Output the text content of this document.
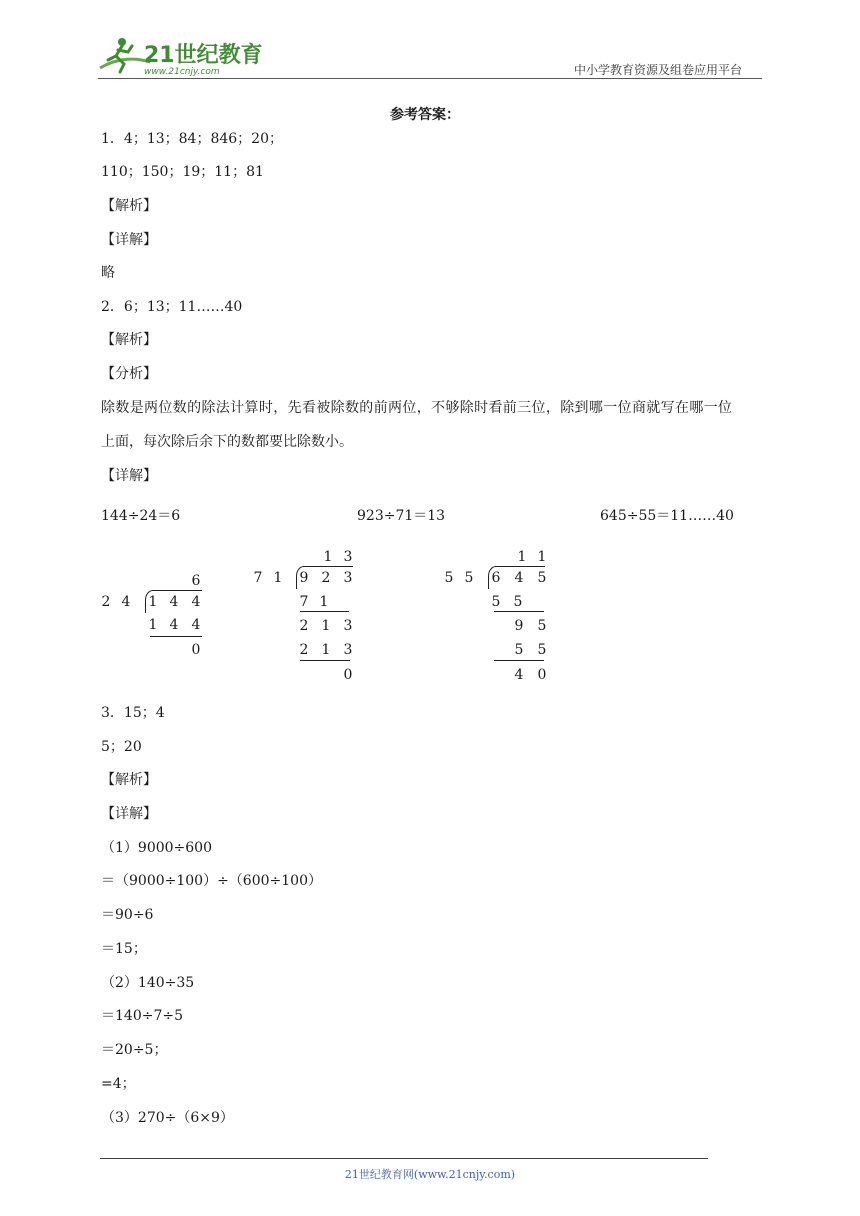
21世纪教育
www.21cnjy.com	中小学教育资源及组卷应用平台
参考答案：
1．4；13；84；846；20；
110；150；19；11；81
【解析】
【详解】
略
2．6；13；11……40
【解析】
【分析】
除数是两位数的除法计算时，先看被除数的前两位，不够除时看前三位，除到哪一位商就写在哪一位
上面，每次除后余下的数都要比除数小。
【详解】
144÷24＝6	923÷71＝13	645÷55＝11……40
6
2 4 1 4 4
1 4 4
0
1 3
7 1 9 2 3
7 1
2 1 3
2 1 3
0
1 1
5 5 6 4 5
5 5
9 5
5 5
4 0
3．15；4
5；20
【解析】
【详解】
（1）9000÷600
＝（9000÷100）÷（600÷100）
＝90÷6
＝15；
（2）140÷35
＝140÷7÷5
＝20÷5；
=4；
（3）270÷（6×9）
21世纪教育网(www.21cnjy.com)
